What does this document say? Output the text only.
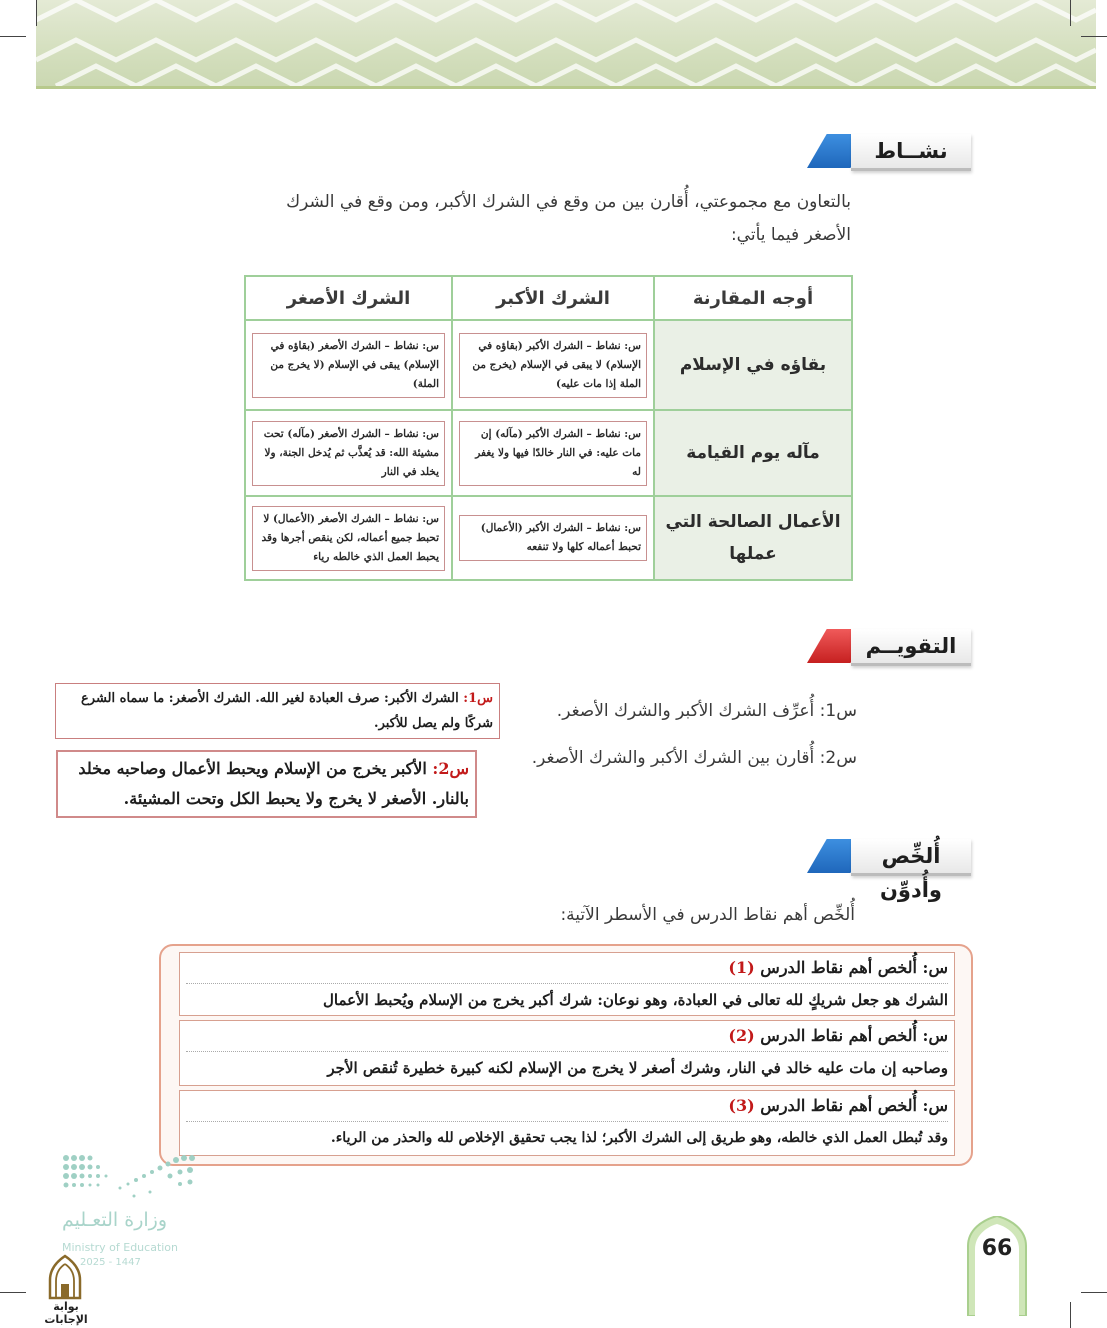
نشــاط
بالتعاون مع مجموعتي، أُقارن بين من وقع في الشرك الأكبر، ومن وقع في الشرك
الأصغر فيما يأتي:
أوجه المقارنة	الشرك الأكبر	الشرك الأصغر
بقاؤه في الإسلام	س: نشاط – الشرك الأكبر (بقاؤه في الإسلام) لا يبقى في الإسلام (يخرج من الملة إذا مات عليه)	س: نشاط – الشرك الأصغر (بقاؤه في الإسلام) يبقى في الإسلام (لا يخرج من الملة)

مآله يوم القيامة	س: نشاط – الشرك الأكبر (مآله) إن مات عليه: في النار خالدًا فيها ولا يغفر له	س: نشاط – الشرك الأصغر (مآله) تحت مشيئة الله: قد يُعذَّب ثم يُدخل الجنة، ولا يخلد في النار

الأعمال الصالحة التي عملها	س: نشاط – الشرك الأكبر (الأعمال) تحبط أعماله كلها ولا تنفعه	س: نشاط – الشرك الأصغر (الأعمال) لا تحبط جميع أعماله، لكن ينقص أجرها وقد يحبط العمل الذي خالطه رياء
التقويــم
س1: أُعرِّف الشرك الأكبر والشرك الأصغر.
س2: أُقارن بين الشرك الأكبر والشرك الأصغر.
س1: الشرك الأكبر: صرف العبادة لغير الله. الشرك الأصغر: ما سماه الشرع شركًا ولم يصل للأكبر.
س2: الأكبر يخرج من الإسلام ويحبط الأعمال وصاحبه مخلد بالنار. الأصغر لا يخرج ولا يحبط الكل وتحت المشيئة.
أُلخِّص وأُدوِّن
أُلخِّص أهم نقاط الدرس في الأسطر الآتية:
س: أُلخص أهم نقاط الدرس (1)
الشرك هو جعل شريكٍ لله تعالى في العبادة، وهو نوعان: شرك أكبر يخرج من الإسلام ويُحبط الأعمال
س: أُلخص أهم نقاط الدرس (2)
وصاحبه إن مات عليه خالد في النار، وشرك أصغر لا يخرج من الإسلام لكنه كبيرة خطيرة تُنقص الأجر
س: أُلخص أهم نقاط الدرس (3)
وقد تُبطل العمل الذي خالطه، وهو طريق إلى الشرك الأكبر؛ لذا يجب تحقيق الإخلاص لله والحذر من الرياء.
وزارة التعـليم
Ministry of Education
2025 - 1447
بوابة الإجابات
66
